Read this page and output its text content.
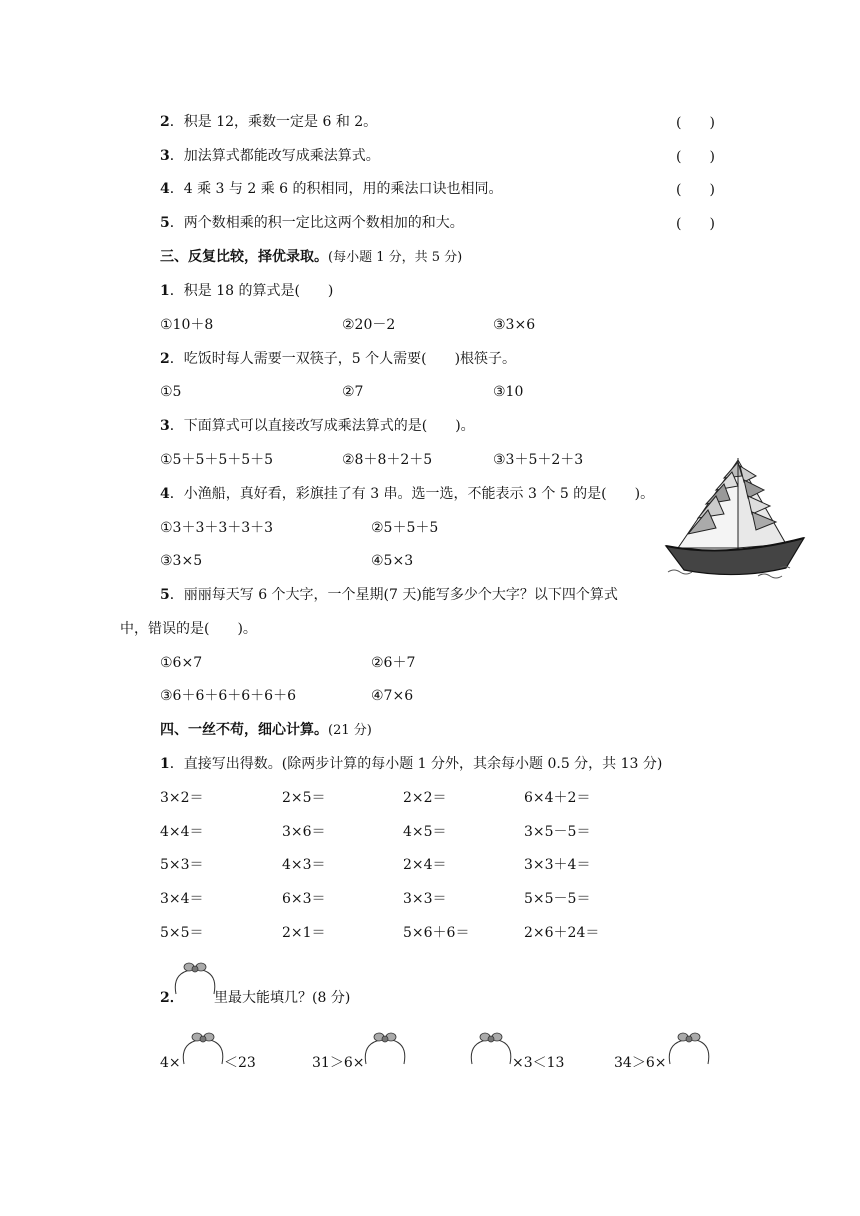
2．积是 12，乘数一定是 6 和 2。	(　　)
3．加法算式都能改写成乘法算式。	(　　)
4．4 乘 3 与 2 乘 6 的积相同，用的乘法口诀也相同。	(　　)
5．两个数相乘的积一定比这两个数相加的和大。	(　　)
三、反复比较，择优录取。(每小题 1 分，共 5 分)
1．积是 18 的算式是(　　)
①10＋8	②20－2	③3×6
2．吃饭时每人需要一双筷子，5 个人需要(　　)根筷子。
①5	②7	③10
3．下面算式可以直接改写成乘法算式的是(　　)。
①5＋5＋5＋5＋5	②8＋8＋2＋5	③3＋5＋2＋3
4．小渔船，真好看，彩旗挂了有 3 串。选一选，不能表示 3 个 5 的是(　　)。
①3＋3＋3＋3＋3	②5＋5＋5
③3×5	④5×3
5．丽丽每天写 6 个大字，一个星期(7 天)能写多少个大字？以下四个算式
中，错误的是(　　)。
①6×7	②6＋7
③6＋6＋6＋6＋6＋6	④7×6
四、一丝不苟，细心计算。(21 分)
1．直接写出得数。(除两步计算的每小题 1 分外，其余每小题 0.5 分，共 13 分)
3×2＝	2×5＝	2×2＝	6×4＋2＝
4×4＝	3×6＝	4×5＝	3×5－5＝
5×3＝	4×3＝	2×4＝	3×3＋4＝
3×4＝	6×3＝	3×3＝	5×5－5＝
5×5＝	2×1＝	5×6＋6＝	2×6＋24＝
2． 里最大能填几？(8 分)
4×	＜23	31＞6×	×3＜13	34＞6×
